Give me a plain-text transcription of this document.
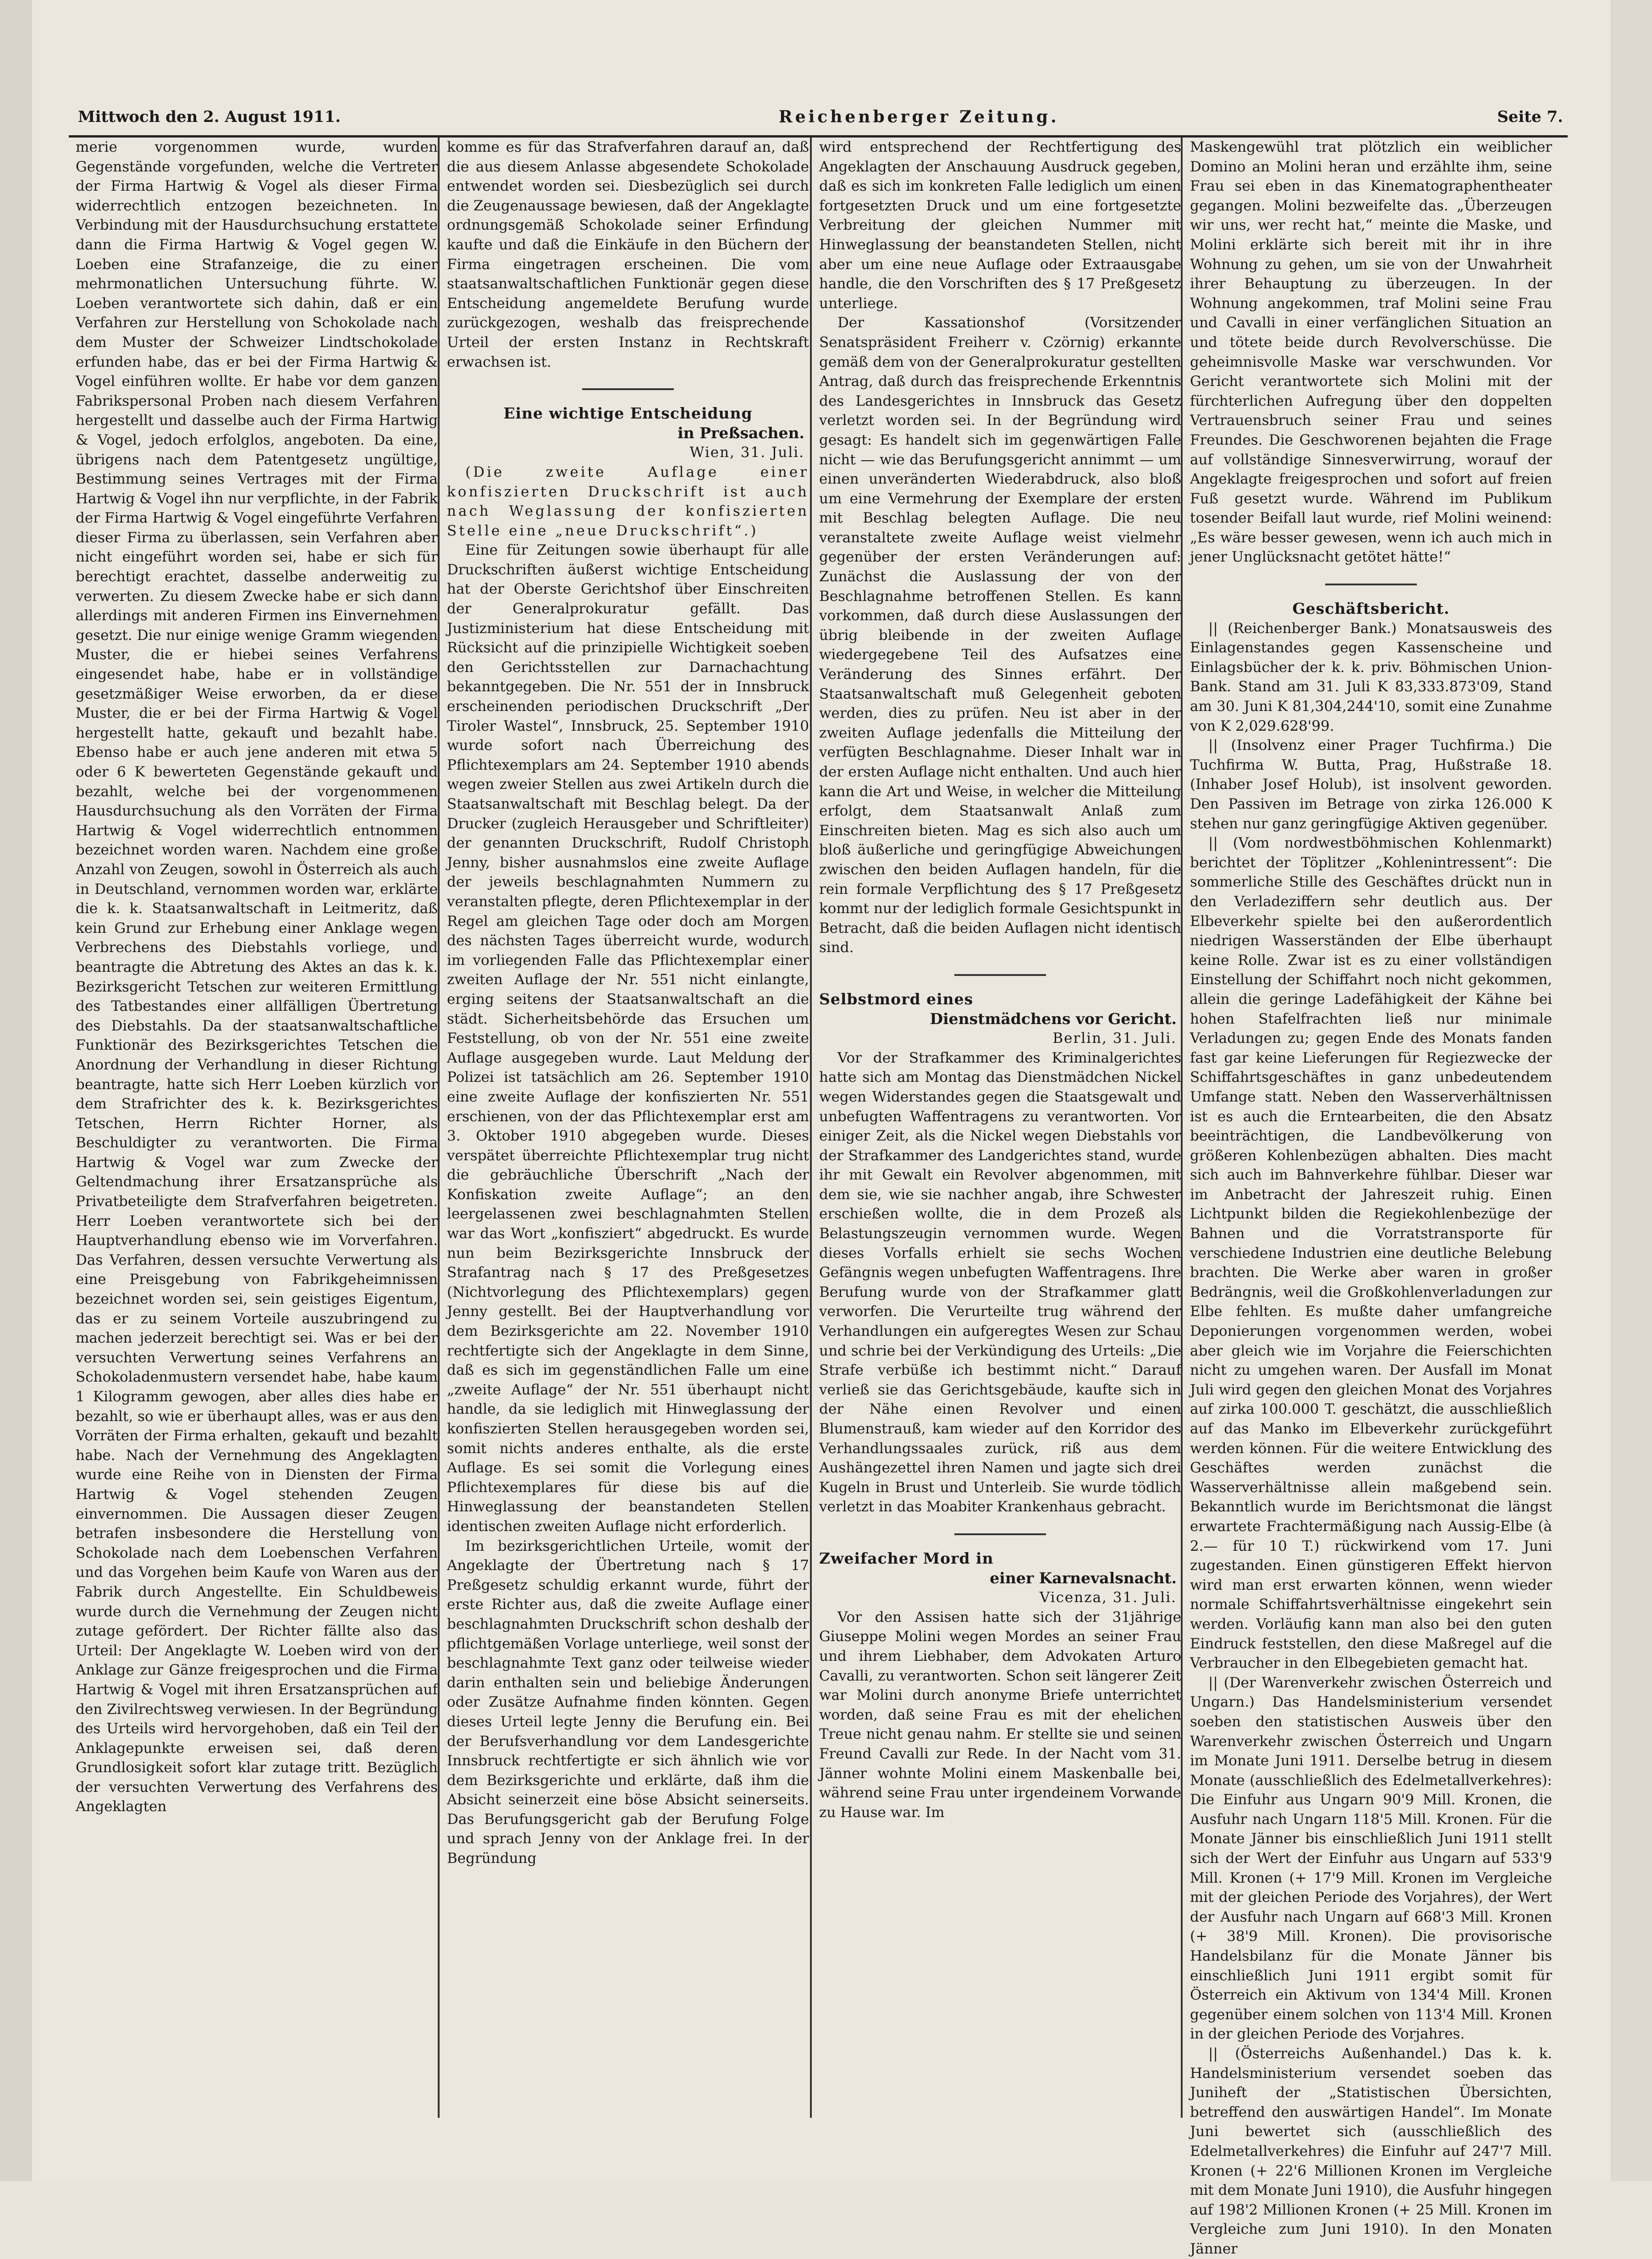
Mittwoch den 2. August 1911.	Reichenberger Zeitung.	Seite 7.

merie vorgenommen wurde, wurden Gegenstände vorgefunden, welche die Vertreter der Firma Hartwig & Vogel als dieser Firma widerrechtlich entzogen bezeichneten. In Verbindung mit der Hausdurchsuchung erstattete dann die Firma Hartwig & Vogel gegen W. Loeben eine Strafanzeige, die zu einer mehrmonatlichen Untersuchung führte. W. Loeben verantwortete sich dahin, daß er ein Verfahren zur Herstellung von Schokolade nach dem Muster der Schweizer Lindtschokolade erfunden habe, das er bei der Firma Hartwig & Vogel einführen wollte. Er habe vor dem ganzen Fabrikspersonal Proben nach diesem Verfahren hergestellt und dasselbe auch der Firma Hartwig & Vogel, jedoch erfolglos, angeboten. Da eine, übrigens nach dem Patentgesetz ungültige, Bestimmung seines Vertrages mit der Firma Hartwig & Vogel ihn nur verpflichte, in der Fabrik der Firma Hartwig & Vogel eingeführte Verfahren dieser Firma zu überlassen, sein Verfahren aber nicht eingeführt worden sei, habe er sich für berechtigt erachtet, dasselbe anderweitig zu verwerten. Zu diesem Zwecke habe er sich dann allerdings mit anderen Firmen ins Einvernehmen gesetzt. Die nur einige wenige Gramm wiegenden Muster, die er hiebei seines Verfahrens eingesendet habe, habe er in vollständige gesetzmäßiger Weise erworben, da er diese Muster, die er bei der Firma Hartwig & Vogel hergestellt hatte, gekauft und bezahlt habe. Ebenso habe er auch jene anderen mit etwa 5 oder 6 K bewerteten Gegenstände gekauft und bezahlt, welche bei der vorgenommenen Hausdurchsuchung als den Vorräten der Firma Hartwig & Vogel widerrechtlich entnommen bezeichnet worden waren. Nachdem eine große Anzahl von Zeugen, sowohl in Österreich als auch in Deutschland, vernommen worden war, erklärte die k. k. Staatsanwaltschaft in Leitmeritz, daß kein Grund zur Erhebung einer Anklage wegen Verbrechens des Diebstahls vorliege, und beantragte die Abtretung des Aktes an das k. k. Bezirksgericht Tetschen zur weiteren Ermittlung des Tatbestandes einer allfälligen Übertretung des Diebstahls. Da der staatsanwaltschaftliche Funktionär des Bezirksgerichtes Tetschen die Anordnung der Verhandlung in dieser Richtung beantragte, hatte sich Herr Loeben kürzlich vor dem Strafrichter des k. k. Bezirksgerichtes Tetschen, Herrn Richter Horner, als Beschuldigter zu verantworten. Die Firma Hartwig & Vogel war zum Zwecke der Geltendmachung ihrer Ersatzansprüche als Privatbeteiligte dem Strafverfahren beigetreten. Herr Loeben verantwortete sich bei der Hauptverhandlung ebenso wie im Vorverfahren. Das Verfahren, dessen versuchte Verwertung als eine Preisgebung von Fabrikgeheimnissen bezeichnet worden sei, sein geistiges Eigentum, das er zu seinem Vorteile auszubringend zu machen jederzeit berechtigt sei. Was er bei der versuchten Verwertung seines Verfahrens an Schokoladenmustern versendet habe, habe kaum 1 Kilogramm gewogen, aber alles dies habe er bezahlt, so wie er überhaupt alles, was er aus den Vorräten der Firma erhalten, gekauft und bezahlt habe. Nach der Vernehmung des Angeklagten wurde eine Reihe von in Diensten der Firma Hartwig & Vogel stehenden Zeugen einvernommen. Die Aussagen dieser Zeugen betrafen insbesondere die Herstellung von Schokolade nach dem Loebenschen Verfahren und das Vorgehen beim Kaufe von Waren aus der Fabrik durch Angestellte. Ein Schuldbeweis wurde durch die Vernehmung der Zeugen nicht zutage gefördert. Der Richter fällte also das Urteil: Der Angeklagte W. Loeben wird von der Anklage zur Gänze freigesprochen und die Firma Hartwig & Vogel mit ihren Ersatzansprüchen auf den Zivilrechtsweg verwiesen. In der Begründung des Urteils wird hervorgehoben, daß ein Teil der Anklagepunkte erweisen sei, daß deren Grundlosigkeit sofort klar zutage tritt. Bezüglich der versuchten Verwertung des Verfahrens des Angeklagten

komme es für das Strafverfahren darauf an, daß die aus diesem Anlasse abgesendete Schokolade entwendet worden sei. Diesbezüglich sei durch die Zeugenaussage bewiesen, daß der Angeklagte ordnungsgemäß Schokolade seiner Erfindung kaufte und daß die Einkäufe in den Büchern der Firma eingetragen erscheinen. Die vom staatsanwaltschaftlichen Funktionär gegen diese Entscheidung angemeldete Berufung wurde zurückgezogen, weshalb das freisprechende Urteil der ersten Instanz in Rechtskraft erwachsen ist.

Eine wichtige Entscheidung
in Preßsachen.
Wien, 31. Juli.

(Die zweite Auflage einer konfiszierten Druckschrift ist auch nach Weglassung der konfiszierten Stelle eine „neue Druckschrift“.)

Eine für Zeitungen sowie überhaupt für alle Druckschriften äußerst wichtige Entscheidung hat der Oberste Gerichtshof über Einschreiten der Generalprokuratur gefällt. Das Justizministerium hat diese Entscheidung mit Rücksicht auf die prinzipielle Wichtigkeit soeben den Gerichtsstellen zur Darnachachtung bekanntgegeben. Die Nr. 551 der in Innsbruck erscheinenden periodischen Druckschrift „Der Tiroler Wastel“, Innsbruck, 25. September 1910 wurde sofort nach Überreichung des Pflichtexemplars am 24. September 1910 abends wegen zweier Stellen aus zwei Artikeln durch die Staatsanwaltschaft mit Beschlag belegt. Da der Drucker (zugleich Herausgeber und Schriftleiter) der genannten Druckschrift, Rudolf Christoph Jenny, bisher ausnahmslos eine zweite Auflage der jeweils beschlagnahmten Nummern zu veranstalten pflegte, deren Pflichtexemplar in der Regel am gleichen Tage oder doch am Morgen des nächsten Tages überreicht wurde, wodurch im vorliegenden Falle das Pflichtexemplar einer zweiten Auflage der Nr. 551 nicht einlangte, erging seitens der Staatsanwaltschaft an die städt. Sicherheitsbehörde das Ersuchen um Feststellung, ob von der Nr. 551 eine zweite Auflage ausgegeben wurde. Laut Meldung der Polizei ist tatsächlich am 26. September 1910 eine zweite Auflage der konfiszierten Nr. 551 erschienen, von der das Pflichtexemplar erst am 3. Oktober 1910 abgegeben wurde. Dieses verspätet überreichte Pflichtexemplar trug nicht die gebräuchliche Überschrift „Nach der Konfiskation zweite Auflage“; an den leergelassenen zwei beschlagnahmten Stellen war das Wort „konfisziert“ abgedruckt. Es wurde nun beim Bezirksgerichte Innsbruck der Strafantrag nach § 17 des Preßgesetzes (Nichtvorlegung des Pflichtexemplars) gegen Jenny gestellt. Bei der Hauptverhandlung vor dem Bezirksgerichte am 22. November 1910 rechtfertigte sich der Angeklagte in dem Sinne, daß es sich im gegenständlichen Falle um eine „zweite Auflage“ der Nr. 551 überhaupt nicht handle, da sie lediglich mit Hinweglassung der konfiszierten Stellen herausgegeben worden sei, somit nichts anderes enthalte, als die erste Auflage. Es sei somit die Vorlegung eines Pflichtexemplares für diese bis auf die Hinweglassung der beanstandeten Stellen identischen zweiten Auflage nicht erforderlich.

Im bezirksgerichtlichen Urteile, womit der Angeklagte der Übertretung nach § 17 Preßgesetz schuldig erkannt wurde, führt der erste Richter aus, daß die zweite Auflage einer beschlagnahmten Druckschrift schon deshalb der pflichtgemäßen Vorlage unterliege, weil sonst der beschlagnahmte Text ganz oder teilweise wieder darin enthalten sein und beliebige Änderungen oder Zusätze Aufnahme finden könnten. Gegen dieses Urteil legte Jenny die Berufung ein. Bei der Berufsverhandlung vor dem Landesgerichte Innsbruck rechtfertigte er sich ähnlich wie vor dem Bezirksgerichte und erklärte, daß ihm die Absicht seinerzeit eine böse Absicht seinerseits. Das Berufungsgericht gab der Berufung Folge und sprach Jenny von der Anklage frei. In der Begründung

wird entsprechend der Rechtfertigung des Angeklagten der Anschauung Ausdruck gegeben, daß es sich im konkreten Falle lediglich um einen fortgesetzten Druck und um eine fortgesetzte Verbreitung der gleichen Nummer mit Hinweglassung der beanstandeten Stellen, nicht aber um eine neue Auflage oder Extraausgabe handle, die den Vorschriften des § 17 Preßgesetz unterliege.

Der Kassationshof (Vorsitzender Senatspräsident Freiherr v. Czörnig) erkannte gemäß dem von der Generalprokuratur gestellten Antrag, daß durch das freisprechende Erkenntnis des Landesgerichtes in Innsbruck das Gesetz verletzt worden sei. In der Begründung wird gesagt: Es handelt sich im gegenwärtigen Falle nicht — wie das Berufungsgericht annimmt — um einen unveränderten Wiederabdruck, also bloß um eine Vermehrung der Exemplare der ersten mit Beschlag belegten Auflage. Die neu veranstaltete zweite Auflage weist vielmehr gegenüber der ersten Veränderungen auf: Zunächst die Auslassung der von der Beschlagnahme betroffenen Stellen. Es kann vorkommen, daß durch diese Auslassungen der übrig bleibende in der zweiten Auflage wiedergegebene Teil des Aufsatzes eine Veränderung des Sinnes erfährt. Der Staatsanwaltschaft muß Gelegenheit geboten werden, dies zu prüfen. Neu ist aber in der zweiten Auflage jedenfalls die Mitteilung der verfügten Beschlagnahme. Dieser Inhalt war in der ersten Auflage nicht enthalten. Und auch hier kann die Art und Weise, in welcher die Mitteilung erfolgt, dem Staatsanwalt Anlaß zum Einschreiten bieten. Mag es sich also auch um bloß äußerliche und geringfügige Abweichungen zwischen den beiden Auflagen handeln, für die rein formale Verpflichtung des § 17 Preßgesetz kommt nur der lediglich formale Gesichtspunkt in Betracht, daß die beiden Auflagen nicht identisch sind.

Selbstmord eines
Dienstmädchens vor Gericht.
Berlin, 31. Juli.

Vor der Strafkammer des Kriminalgerichtes hatte sich am Montag das Dienstmädchen Nickel wegen Widerstandes gegen die Staatsgewalt und unbefugten Waffentragens zu verantworten. Vor einiger Zeit, als die Nickel wegen Diebstahls vor der Strafkammer des Landgerichtes stand, wurde ihr mit Gewalt ein Revolver abgenommen, mit dem sie, wie sie nachher angab, ihre Schwester erschießen wollte, die in dem Prozeß als Belastungszeugin vernommen wurde. Wegen dieses Vorfalls erhielt sie sechs Wochen Gefängnis wegen unbefugten Waffentragens. Ihre Berufung wurde von der Strafkammer glatt verworfen. Die Verurteilte trug während der Verhandlungen ein aufgeregtes Wesen zur Schau und schrie bei der Verkündigung des Urteils: „Die Strafe verbüße ich bestimmt nicht.“ Darauf verließ sie das Gerichtsgebäude, kaufte sich in der Nähe einen Revolver und einen Blumenstrauß, kam wieder auf den Korridor des Verhandlungssaales zurück, riß aus dem Aushängezettel ihren Namen und jagte sich drei Kugeln in Brust und Unterleib. Sie wurde tödlich verletzt in das Moabiter Krankenhaus gebracht.

Zweifacher Mord in
einer Karnevalsnacht.
Vicenza, 31. Juli.

Vor den Assisen hatte sich der 31jährige Giuseppe Molini wegen Mordes an seiner Frau und ihrem Liebhaber, dem Advokaten Arturo Cavalli, zu verantworten. Schon seit längerer Zeit war Molini durch anonyme Briefe unterrichtet worden, daß seine Frau es mit der ehelichen Treue nicht genau nahm. Er stellte sie und seinen Freund Cavalli zur Rede. In der Nacht vom 31. Jänner wohnte Molini einem Maskenballe bei, während seine Frau unter irgendeinem Vorwande zu Hause war. Im

Maskengewühl trat plötzlich ein weiblicher Domino an Molini heran und erzählte ihm, seine Frau sei eben in das Kinematographentheater gegangen. Molini bezweifelte das. „Überzeugen wir uns, wer recht hat,“ meinte die Maske, und Molini erklärte sich bereit mit ihr in ihre Wohnung zu gehen, um sie von der Unwahrheit ihrer Behauptung zu überzeugen. In der Wohnung angekommen, traf Molini seine Frau und Cavalli in einer verfänglichen Situation an und tötete beide durch Revolverschüsse. Die geheimnisvolle Maske war verschwunden. Vor Gericht verantwortete sich Molini mit der fürchterlichen Aufregung über den doppelten Vertrauensbruch seiner Frau und seines Freundes. Die Geschworenen bejahten die Frage auf vollständige Sinnesverwirrung, worauf der Angeklagte freigesprochen und sofort auf freien Fuß gesetzt wurde. Während im Publikum tosender Beifall laut wurde, rief Molini weinend: „Es wäre besser gewesen, wenn ich auch mich in jener Unglücksnacht getötet hätte!“

Geschäftsbericht.

|| (Reichenberger Bank.) Monatsausweis des Einlagenstandes gegen Kassenscheine und Einlagsbücher der k. k. priv. Böhmischen Union-Bank. Stand am 31. Juli K 83,333.873'09, Stand am 30. Juni K 81,304,244'10, somit eine Zunahme von K 2,029.628'99.

|| (Insolvenz einer Prager Tuchfirma.) Die Tuchfirma W. Butta, Prag, Hußstraße 18. (Inhaber Josef Holub), ist insolvent geworden. Den Passiven im Betrage von zirka 126.000 K stehen nur ganz geringfügige Aktiven gegenüber.

|| (Vom nordwestböhmischen Kohlenmarkt) berichtet der Töplitzer „Kohlenintressent“: Die sommerliche Stille des Geschäftes drückt nun in den Verladeziffern sehr deutlich aus. Der Elbeverkehr spielte bei den außerordentlich niedrigen Wasserständen der Elbe überhaupt keine Rolle. Zwar ist es zu einer vollständigen Einstellung der Schiffahrt noch nicht gekommen, allein die geringe Ladefähigkeit der Kähne bei hohen Stafelfrachten ließ nur minimale Verladungen zu; gegen Ende des Monats fanden fast gar keine Lieferungen für Regiezwecke der Schiffahrtsgeschäftes in ganz unbedeutendem Umfange statt. Neben den Wasserverhältnissen ist es auch die Erntearbeiten, die den Absatz beeinträchtigen, die Landbevölkerung von größeren Kohlenbezügen abhalten. Dies macht sich auch im Bahnverkehre fühlbar. Dieser war im Anbetracht der Jahreszeit ruhig. Einen Lichtpunkt bilden die Regiekohlenbezüge der Bahnen und die Vorratstransporte für verschiedene Industrien eine deutliche Belebung brachten. Die Werke aber waren in großer Bedrängnis, weil die Großkohlenverladungen zur Elbe fehlten. Es mußte daher umfangreiche Deponierungen vorgenommen werden, wobei aber gleich wie im Vorjahre die Feierschichten nicht zu umgehen waren. Der Ausfall im Monat Juli wird gegen den gleichen Monat des Vorjahres auf zirka 100.000 T. geschätzt, die ausschließlich auf das Manko im Elbeverkehr zurückgeführt werden können. Für die weitere Entwicklung des Geschäftes werden zunächst die Wasserverhältnisse allein maßgebend sein. Bekanntlich wurde im Berichtsmonat die längst erwartete Frachtermäßigung nach Aussig-Elbe (à 2.— für 10 T.) rückwirkend vom 17. Juni zugestanden. Einen günstigeren Effekt hiervon wird man erst erwarten können, wenn wieder normale Schiffahrtsverhältnisse eingekehrt sein werden. Vorläufig kann man also bei den guten Eindruck feststellen, den diese Maßregel auf die Verbraucher in den Elbegebieten gemacht hat.

|| (Der Warenverkehr zwischen Österreich und Ungarn.) Das Handelsministerium versendet soeben den statistischen Ausweis über den Warenverkehr zwischen Österreich und Ungarn im Monate Juni 1911. Derselbe betrug in diesem Monate (ausschließlich des Edelmetallverkehres): Die Einfuhr aus Ungarn 90'9 Mill. Kronen, die Ausfuhr nach Ungarn 118'5 Mill. Kronen. Für die Monate Jänner bis einschließlich Juni 1911 stellt sich der Wert der Einfuhr aus Ungarn auf 533'9 Mill. Kronen (+ 17'9 Mill. Kronen im Vergleiche mit der gleichen Periode des Vorjahres), der Wert der Ausfuhr nach Ungarn auf 668'3 Mill. Kronen (+ 38'9 Mill. Kronen). Die provisorische Handelsbilanz für die Monate Jänner bis einschließlich Juni 1911 ergibt somit für Österreich ein Aktivum von 134'4 Mill. Kronen gegenüber einem solchen von 113'4 Mill. Kronen in der gleichen Periode des Vorjahres.

|| (Österreichs Außenhandel.) Das k. k. Handelsministerium versendet soeben das Juniheft der „Statistischen Übersichten, betreffend den auswärtigen Handel“. Im Monate Juni bewertet sich (ausschließlich des Edelmetallverkehres) die Einfuhr auf 247'7 Mill. Kronen (+ 22'6 Millionen Kronen im Vergleiche mit dem Monate Juni 1910), die Ausfuhr hingegen auf 198'2 Millionen Kronen (+ 25 Mill. Kronen im Vergleiche zum Juni 1910). In den Monaten Jänner
